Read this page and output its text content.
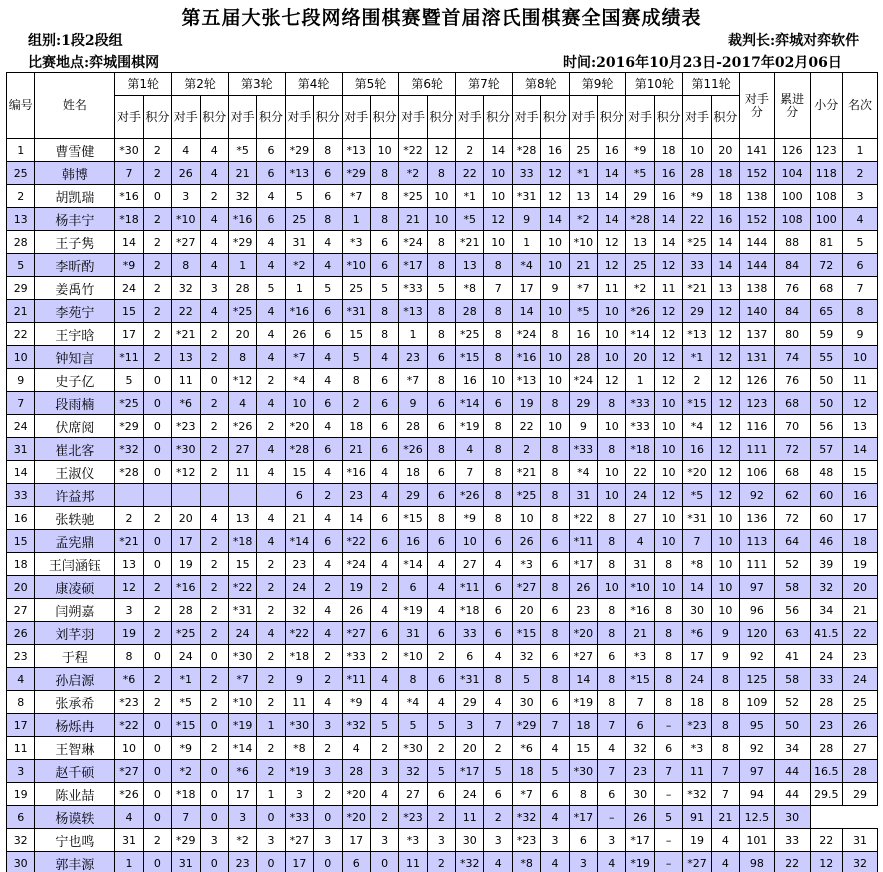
第五届大张七段网络围棋赛暨首届溶氏围棋赛全国赛成绩表
组别:1段2段组	裁判长:弈城对弈软件
比赛地点:弈城围棋网	时间:2016年10月23日-2017年02月06日
编号	姓名	第1轮		第2轮		第3轮		第4轮		第5轮		第6轮		第7轮		第8轮		第9轮		第10轮		第11轮		对手分	累进分	小分	名次
		对手	积分	对手	积分	对手	积分	对手	积分	对手	积分	对手	积分	对手	积分	对手	积分	对手	积分	对手	积分	对手	积分				
1	曹雪健	*30	2	4	4	*5	6	*29	8	*13	10	*22	12	2	14	*28	16	25	16	*9	18	10	20	141	126	123	1
25	韩博	7	2	26	4	21	6	*13	6	*29	8	*2	8	22	10	33	12	*1	14	*5	16	28	18	152	104	118	2
2	胡凯瑞	*16	0	3	2	32	4	5	6	*7	8	*25	10	*1	10	*31	12	13	14	29	16	*9	18	138	100	108	3
13	杨丰宁	*18	2	*10	4	*16	6	25	8	1	8	21	10	*5	12	9	14	*2	14	*28	14	22	16	152	108	100	4
28	王子隽	14	2	*27	4	*29	4	31	4	*3	6	*24	8	*21	10	1	10	*10	12	13	14	*25	14	144	88	81	5
5	李昕酌	*9	2	8	4	1	4	*2	4	*10	6	*17	8	13	8	*4	10	21	12	25	12	33	14	144	84	72	6
29	姜禹竹	24	2	32	3	28	5	1	5	25	5	*33	5	*8	7	17	9	*7	11	*2	11	*21	13	138	76	68	7
21	李苑宁	15	2	22	4	*25	4	*16	6	*31	8	*13	8	28	8	14	10	*5	10	*26	12	29	12	140	84	65	8
22	王宇晗	17	2	*21	2	20	4	26	6	15	8	1	8	*25	8	*24	8	16	10	*14	12	*13	12	137	80	59	9
10	钟知言	*11	2	13	2	8	4	*7	4	5	4	23	6	*15	8	*16	10	28	10	20	12	*1	12	131	74	55	10
9	史子亿	5	0	11	0	*12	2	*4	4	8	6	*7	8	16	10	*13	10	*24	12	1	12	2	12	126	76	50	11
7	段雨楠	*25	0	*6	2	4	4	10	6	2	6	9	6	*14	6	19	8	29	8	*33	10	*15	12	123	68	50	12
24	伏席阅	*29	0	*23	2	*26	2	*20	4	18	6	28	6	*19	8	22	10	9	10	*33	10	*4	12	116	70	56	13
31	崔北客	*32	0	*30	2	27	4	*28	6	21	6	*26	8	4	8	2	8	*33	8	*18	10	16	12	111	72	57	14
14	王淑仪	*28	0	*12	2	11	4	15	4	*16	4	18	6	7	8	*21	8	*4	10	22	10	*20	12	106	68	48	15
33	许益邦							6	2	23	4	29	6	*26	8	*25	8	31	10	24	12	*5	12	92	62	60	16
16	张轶驰	2	2	20	4	13	4	21	4	14	6	*15	8	*9	8	10	8	*22	8	27	10	*31	10	136	72	60	17
15	孟宪鼎	*21	0	17	2	*18	4	*14	6	*22	6	16	6	10	6	26	6	*11	8	4	10	7	10	113	64	46	18
18	王闫涵钰	13	0	19	2	15	2	23	4	*24	4	*14	4	27	4	*3	6	*17	8	31	8	*8	10	111	52	39	19
20	康凌硕	12	2	*16	2	*22	2	24	2	19	2	6	4	*11	6	*27	8	26	10	*10	10	14	10	97	58	32	20
27	闫朔嘉	3	2	28	2	*31	2	32	4	26	4	*19	4	*18	6	20	6	23	8	*16	8	30	10	96	56	34	21
26	刘芊羽	19	2	*25	2	24	4	*22	4	*27	6	31	6	33	6	*15	8	*20	8	21	8	*6	9	120	63	41.5	22
23	于程	8	0	24	0	*30	2	*18	2	*33	2	*10	2	6	4	32	6	*27	6	*3	8	17	9	92	41	24	23
4	孙启源	*6	2	*1	2	*7	2	9	2	*11	4	8	6	*31	8	5	8	14	8	*15	8	24	8	125	58	33	24
8	张承希	*23	2	*5	2	*10	2	11	4	*9	4	*4	4	29	4	30	6	*19	8	7	8	18	8	109	52	28	25
17	杨烁冉	*22	0	*15	0	*19	1	*30	3	*32	5	5	5	3	7	*29	7	18	7	6	–	*23	8	95	50	23	26
11	王智琳	10	0	*9	2	*14	2	*8	2	4	2	*30	2	20	2	*6	4	15	4	32	6	*3	8	92	34	28	27
3	赵千硕	*27	0	*2	0	*6	2	*19	3	28	3	32	5	*17	5	18	5	*30	7	23	7	11	7	97	44	16.5	28
19	陈业喆	*26	0	*18	0	17	1	3	2	*20	4	27	6	24	6	*7	6	8	6	30	–	*32	7	94	44	29.5	29
6	杨谟轶	4	0	7	0	3	0	*33	0	*20	2	*23	2	11	2	*32	4	*17	–	26	5	91	21	12.5	30		
32	宁也鸣	31	2	*29	3	*2	3	*27	3	17	3	*3	3	30	3	*23	3	6	3	*17	–	19	4	101	33	22	31
30	郭丰源	1	0	31	0	23	0	17	0	6	0	11	2	*32	4	*8	4	3	4	*19	–	*27	4	98	22	12	32
